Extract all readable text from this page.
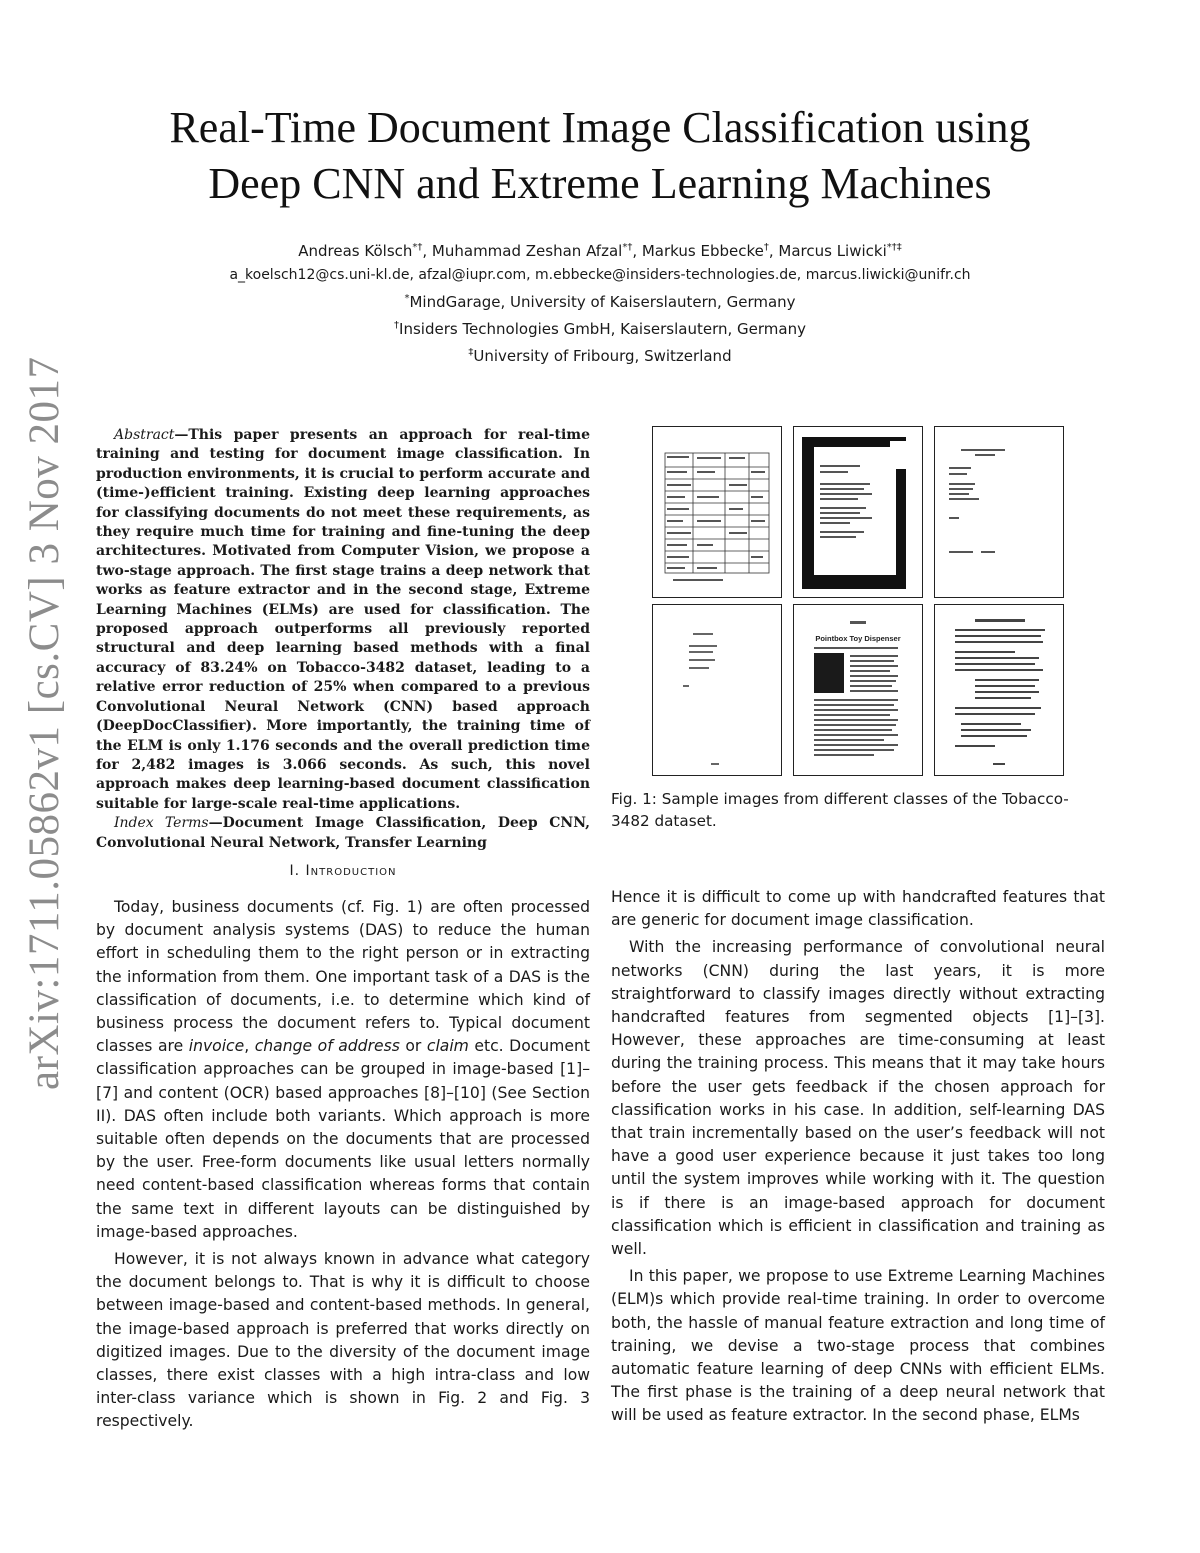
arXiv:1711.05862v1 [cs.CV] 3 Nov 2017
Real-Time Document Image Classification using
Deep CNN and Extreme Learning Machines
Andreas Kölsch*†, Muhammad Zeshan Afzal*†, Markus Ebbecke†, Marcus Liwicki*†‡
a_koelsch12@cs.uni-kl.de, afzal@iupr.com, m.ebbecke@insiders-technologies.de, marcus.liwicki@unifr.ch
*MindGarage, University of Kaiserslautern, Germany
†Insiders Technologies GmbH, Kaiserslautern, Germany
‡University of Fribourg, Switzerland

Abstract—This paper presents an approach for real-time training and testing for document image classification. In production environments, it is crucial to perform accurate and (time-)efficient training. Existing deep learning approaches for classifying documents do not meet these requirements, as they require much time for training and fine-tuning the deep architectures. Motivated from Computer Vision, we propose a two-stage approach. The first stage trains a deep network that works as feature extractor and in the second stage, Extreme Learning Machines (ELMs) are used for classification. The proposed approach outperforms all previously reported structural and deep learning based methods with a final accuracy of 83.24% on Tobacco-3482 dataset, leading to a relative error reduction of 25% when compared to a previous Convolutional Neural Network (CNN) based approach (DeepDocClassifier). More importantly, the training time of the ELM is only 1.176 seconds and the overall prediction time for 2,482 images is 3.066 seconds. As such, this novel approach makes deep learning-based document classification suitable for large-scale real-time applications.

Index Terms—Document Image Classification, Deep CNN, Convolutional Neural Network, Transfer Learning

I. Introduction

Today, business documents (cf. Fig. 1) are often processed by document analysis systems (DAS) to reduce the human effort in scheduling them to the right person or in extracting the information from them. One important task of a DAS is the classification of documents, i.e. to determine which kind of business process the document refers to. Typical document classes are invoice, change of address or claim etc. Document classification approaches can be grouped in image-based [1]–[7] and content (OCR) based approaches [8]–[10] (See Section II). DAS often include both variants. Which approach is more suitable often depends on the documents that are processed by the user. Free-form documents like usual letters normally need content-based classification whereas forms that contain the same text in different layouts can be distinguished by image-based approaches.

However, it is not always known in advance what category the document belongs to. That is why it is difficult to choose between image-based and content-based methods. In general, the image-based approach is preferred that works directly on digitized images. Due to the diversity of the document image classes, there exist classes with a high intra-class and low inter-class variance which is shown in Fig. 2 and Fig. 3 respectively.

Pointbox Toy Dispenser
Fig. 1: Sample images from different classes of the Tobacco-3482 dataset.

Hence it is difficult to come up with handcrafted features that are generic for document image classification.

With the increasing performance of convolutional neural networks (CNN) during the last years, it is more straightforward to classify images directly without extracting handcrafted features from segmented objects [1]–[3]. However, these approaches are time-consuming at least during the training process. This means that it may take hours before the user gets feedback if the chosen approach for classification works in his case. In addition, self-learning DAS that train incrementally based on the user’s feedback will not have a good user experience because it just takes too long until the system improves while working with it. The question is if there is an image-based approach for document classification which is efficient in classification and training as well.

In this paper, we propose to use Extreme Learning Machines (ELM)s which provide real-time training. In order to overcome both, the hassle of manual feature extraction and long time of training, we devise a two-stage process that combines automatic feature learning of deep CNNs with efficient ELMs. The first phase is the training of a deep neural network that will be used as feature extractor. In the second phase, ELMs
